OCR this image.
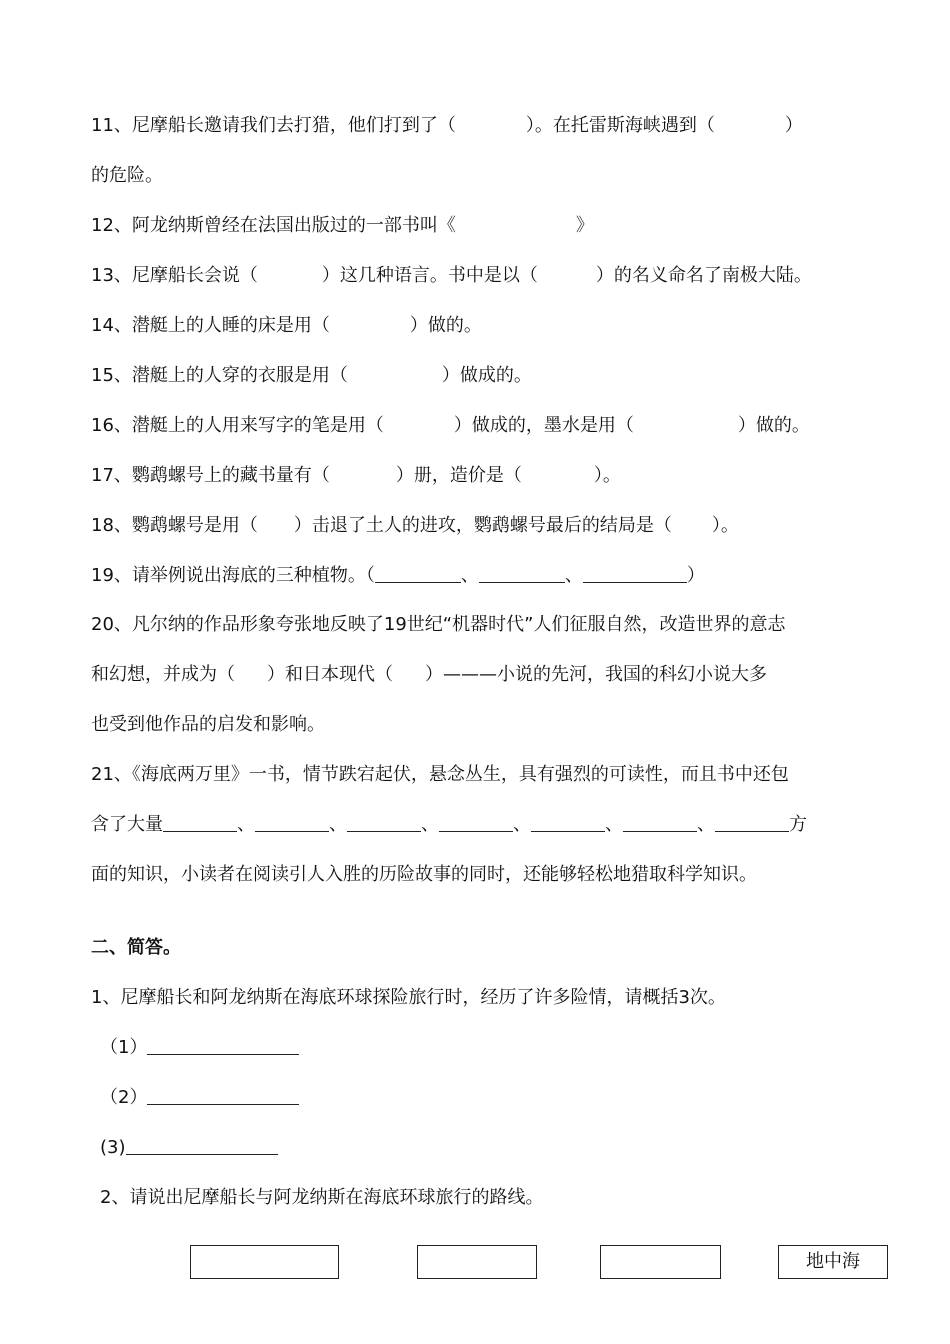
11、尼摩船长邀请我们去打猎，他们打到了（	）。在托雷斯海峡遇到（	）
的危险。
12、阿龙纳斯曾经在法国出版过的一部书叫《	》
13、尼摩船长会说（	）这几种语言。书中是以（	）的名义命名了南极大陆。
14、潜艇上的人睡的床是用（	）做的。
15、潜艇上的人穿的衣服是用（	）做成的。
16、潜艇上的人用来写字的笔是用（	）做成的，墨水是用（	）做的。
17、鹦鹉螺号上的藏书量有（	）册，造价是（	）。
18、鹦鹉螺号是用（ ）击退了土人的进攻，鹦鹉螺号最后的结局是（ ）。
19、请举例说出海底的三种植物。（	、	、	）
20、凡尔纳的作品形象夸张地反映了19世纪“机器时代”人们征服自然，改造世界的意志
和幻想，并成为（ ）和日本现代（ ）———小说的先河，我国的科幻小说大多
也受到他作品的启发和影响。
21、《海底两万里》一书，情节跌宕起伏，悬念丛生，具有强烈的可读性，而且书中还包
含了大量	、	、	、	、	、	、	方
面的知识，小读者在阅读引人入胜的历险故事的同时，还能够轻松地猎取科学知识。
二、简答。
1、尼摩船长和阿龙纳斯在海底环球探险旅行时，经历了许多险情，请概括3次。
（1）
（2）
(3)
2、请说出尼摩船长与阿龙纳斯在海底环球旅行的路线。
地中海
